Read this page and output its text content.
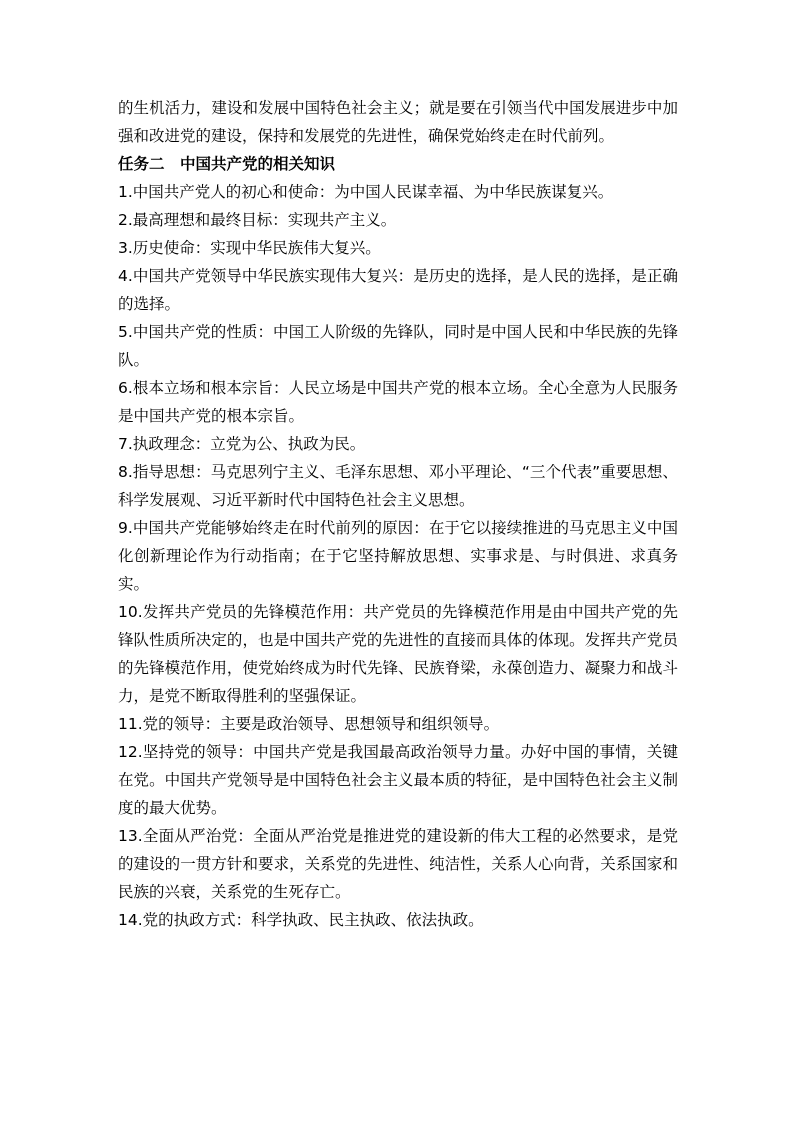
的生机活力，建设和发展中国特色社会主义；就是要在引领当代中国发展进步中加强和改进党的建设，保持和发展党的先进性，确保党始终走在时代前列。

任务二　中国共产党的相关知识

1.中国共产党人的初心和使命：为中国人民谋幸福、为中华民族谋复兴。

2.最高理想和最终目标：实现共产主义。

3.历史使命：实现中华民族伟大复兴。

4.中国共产党领导中华民族实现伟大复兴：是历史的选择，是人民的选择，是正确的选择。

5.中国共产党的性质：中国工人阶级的先锋队，同时是中国人民和中华民族的先锋队。

6.根本立场和根本宗旨：人民立场是中国共产党的根本立场。全心全意为人民服务是中国共产党的根本宗旨。

7.执政理念：立党为公、执政为民。

8.指导思想：马克思列宁主义、毛泽东思想、邓小平理论、“三个代表”重要思想、科学发展观、习近平新时代中国特色社会主义思想。

9.中国共产党能够始终走在时代前列的原因：在于它以接续推进的马克思主义中国化创新理论作为行动指南；在于它坚持解放思想、实事求是、与时俱进、求真务实。

10.发挥共产党员的先锋模范作用：共产党员的先锋模范作用是由中国共产党的先锋队性质所决定的，也是中国共产党的先进性的直接而具体的体现。发挥共产党员的先锋模范作用，使党始终成为时代先锋、民族脊梁，永葆创造力、凝聚力和战斗力，是党不断取得胜利的坚强保证。

11.党的领导：主要是政治领导、思想领导和组织领导。

12.坚持党的领导：中国共产党是我国最高政治领导力量。办好中国的事情，关键在党。中国共产党领导是中国特色社会主义最本质的特征，是中国特色社会主义制度的最大优势。

13.全面从严治党：全面从严治党是推进党的建设新的伟大工程的必然要求，是党的建设的一贯方针和要求，关系党的先进性、纯洁性，关系人心向背，关系国家和民族的兴衰，关系党的生死存亡。

14.党的执政方式：科学执政、民主执政、依法执政。
